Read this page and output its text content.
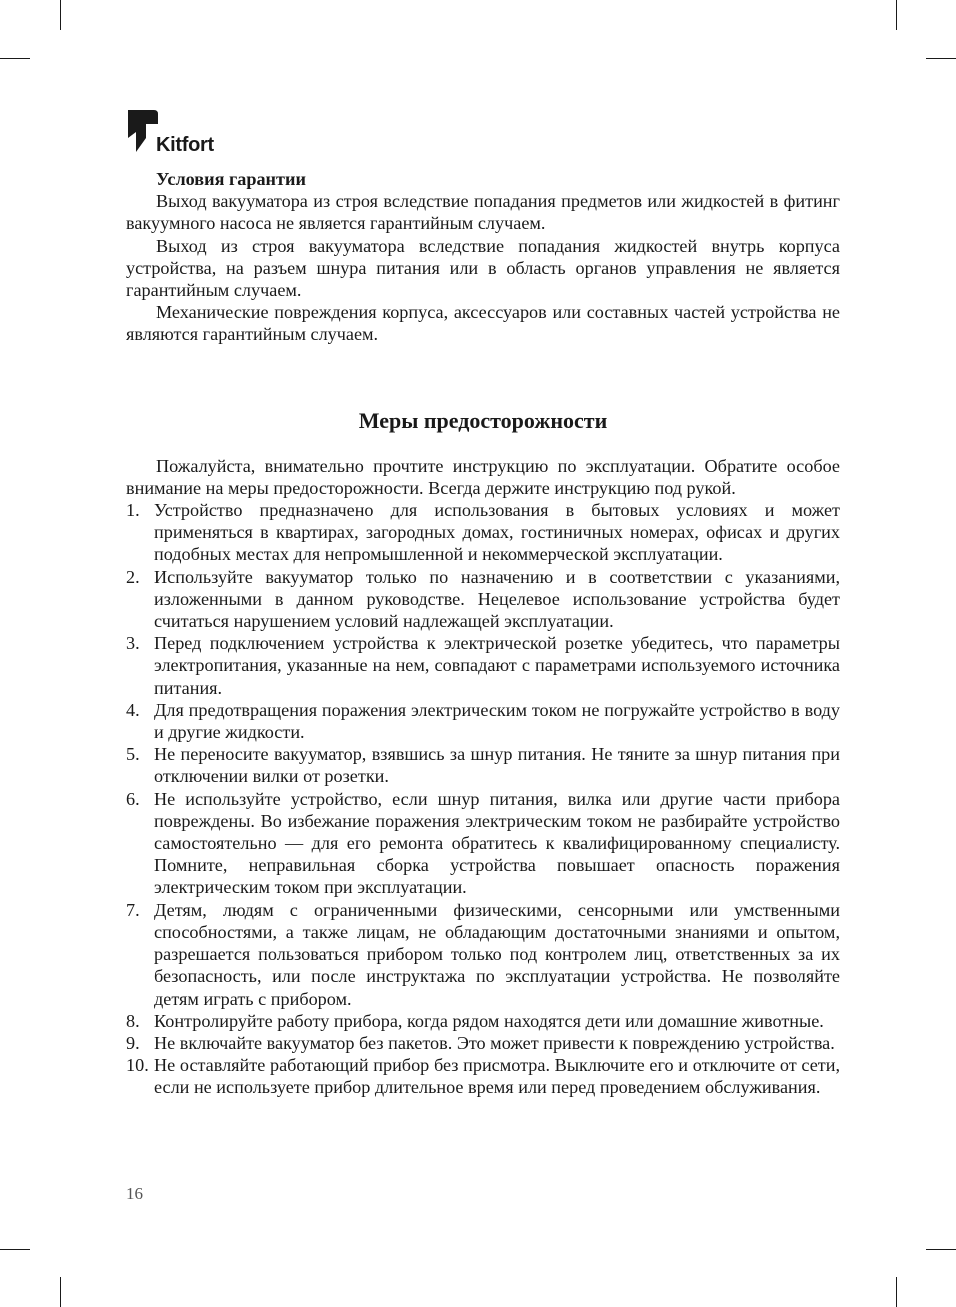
Kitfort
Условия гарантии

Выход вакууматора из строя вследствие попадания предметов или жидкостей в фитинг вакуумного насоса не является гарантийным случаем.

Выход из строя вакууматора вследствие попадания жидкостей внутрь корпуса устройства, на разъем шнура питания или в область органов управления не является гарантийным случаем.

Механические повреждения корпуса, аксессуаров или составных частей устройства не являются гарантийным случаем.

Меры предосторожности

Пожалуйста, внимательно прочтите инструкцию по эксплуатации. Обратите особое внимание на меры предосторожности. Всегда держите инструкцию под рукой.

1. Устройство предназначено для использования в бытовых условиях и может применяться в квартирах, загородных домах, гостиничных номерах, офисах и других подобных местах для непромышленной и некоммерческой эксплуатации.
2. Используйте вакууматор только по назначению и в соответствии с указаниями, изложенными в данном руководстве. Нецелевое использование устройства будет считаться нарушением условий надлежащей эксплуатации.
3. Перед подключением устройства к электрической розетке убедитесь, что параметры электропитания, указанные на нем, совпадают с параметрами используемого источника питания.
4. Для предотвращения поражения электрическим током не погружайте устройство в воду и другие жидкости.
5. Не переносите вакууматор, взявшись за шнур питания. Не тяните за шнур питания при отключении вилки от розетки.
6. Не используйте устройство, если шнур питания, вилка или другие части прибора повреждены. Во избежание поражения электрическим током не разбирайте устройство самостоятельно — для его ремонта обратитесь к квалифицированному специалисту. Помните, неправильная сборка устройства повышает опасность поражения электрическим током при эксплуатации.
7. Детям, людям с ограниченными физическими, сенсорными или умственными способностями, а также лицам, не обладающим достаточными знаниями и опытом, разрешается пользоваться прибором только под контролем лиц, ответственных за их безопасность, или после инструктажа по эксплуатации устройства. Не позволяйте детям играть с прибором.
8. Контролируйте работу прибора, когда рядом находятся дети или домашние животные.
9. Не включайте вакууматор без пакетов. Это может привести к повреждению устройства.
10. Не оставляйте работающий прибор без присмотра. Выключите его и отключите от сети, если не используете прибор длительное время или перед проведением обслуживания.
16
